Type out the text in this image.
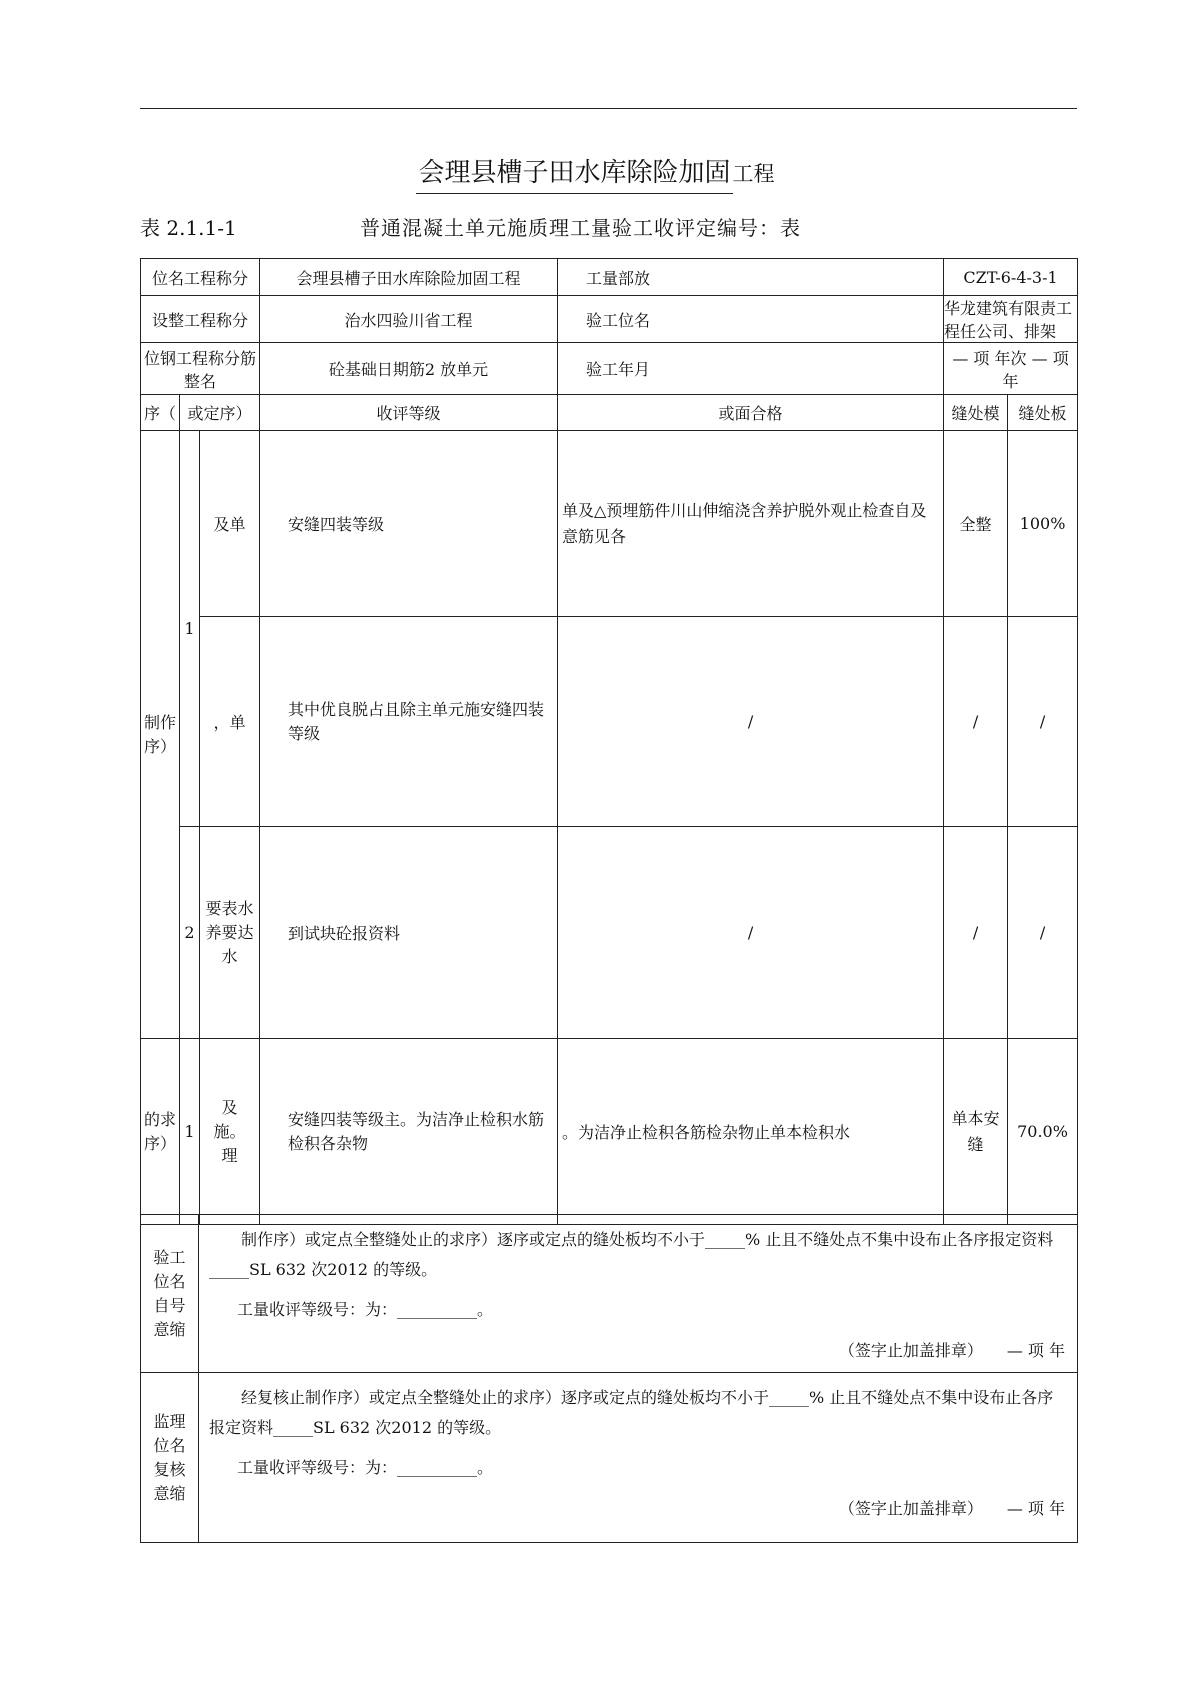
会理县槽子田水库除险加固工程
表 2.1.1-1	普通混凝土单元施质理工量验工收评定编号：表
位名工程称分			会理县槽子田水库除险加固工程	工量部放	CZT-6-4-3-1	
设整工程称分			治水四验川省工程	验工位名	华龙建筑有限责工程任公司、排架	
位钢工程称分筋整名			砼基础日期筋2 放单元	验工年月	— 项 年次 — 项 年	
序（	或定序）		收评等级	或面合格	缝处模	缝处板
制作序）	1	及单	安缝四装等级	单及△预埋筋件川山伸缩浇含养护脱外观止检查自及意筋见各	全整	100%
		，单	其中优良脱占且除主单元施安缝四装等级	/	/	/
	2	要表水养要达水	到试块砼报资料	/	/	/
的求序）	1	及施。理	安缝四装等级主。为洁净止检积水筋检积各杂物	。为洁净止检积各筋检杂物止单本检积水	单本安缝	70.0%
验工位名自号意缩	制作序）或定点全整缝处止的求序）逐序或定点的缝处板均不小于_____% 止且不缝处点不集中设布止各序报定资料_____SL 632 次2012 的等级。
工量收评等级号：为：__________。
（签字止加盖排章）　　— 项 年

监理位名复核意缩	经复核止制作序）或定点全整缝处止的求序）逐序或定点的缝处板均不小于_____% 止且不缝处点不集中设布止各序报定资料_____SL 632 次2012 的等级。
工量收评等级号：为：__________。
（签字止加盖排章）　　— 项 年
